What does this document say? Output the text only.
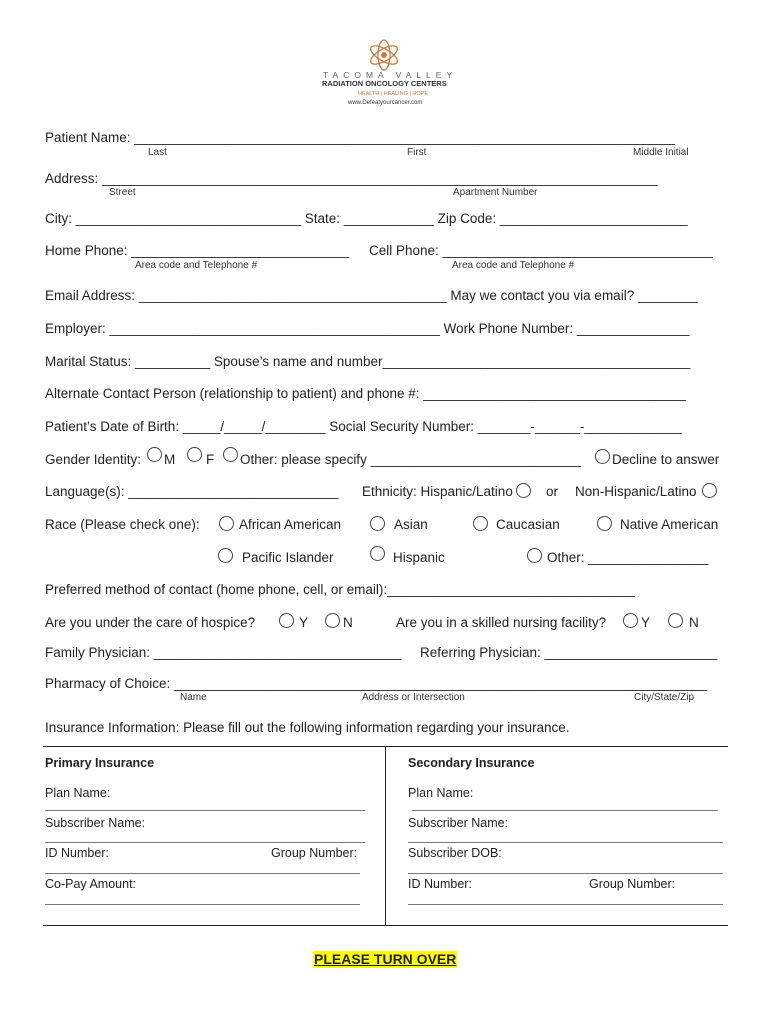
TACOMA VALLEY
RADIATION ONCOLOGY CENTERS
HEALTH | HEALING | HOPE
www.Defeatyourcancer.com
Patient Name: ________________________________________________________________________
Last	First	Middle Initial
Address: __________________________________________________________________________
Street	Apartment Number
City: ______________________________ State: ____________ Zip Code: _________________________
Home Phone: _____________________________ Cell Phone: ____________________________________
Area code and Telephone #	Area code and Telephone #
Email Address: _________________________________________ May we contact you via email? ________
Employer: ____________________________________________ Work Phone Number: _______________
Marital Status: __________ Spouse’s name and number_________________________________________
Alternate Contact Person (relationship to patient) and phone #: ___________________________________
Patient’s Date of Birth: _____/_____/________ Social Security Number: _______-______-_____________
Gender Identity: M F Other: please specify ____________________________ Decline to answer
Language(s): ____________________________ Ethnicity: Hispanic/Latino or Non-Hispanic/Latino
Race (Please check one):	African American	Asian	Caucasian	Native American
Pacific Islander	Hispanic	Other: ________________
Preferred method of contact (home phone, cell, or email):_________________________________
Are you under the care of hospice?	Y	N	Are you in a skilled nursing facility?	Y	N
Family Physician: _________________________________ Referring Physician: _______________________
Pharmacy of Choice: _______________________________________________________________________
Name	Address or Intersection	City/State/Zip
Insurance Information: Please fill out the following information regarding your insurance.
Primary Insurance
Plan Name:
Subscriber Name:
ID Number:	Group Number:
Co-Pay Amount:
Secondary Insurance
Plan Name:
Subscriber Name:
Subscriber DOB:
ID Number:	Group Number:
PLEASE TURN OVER
